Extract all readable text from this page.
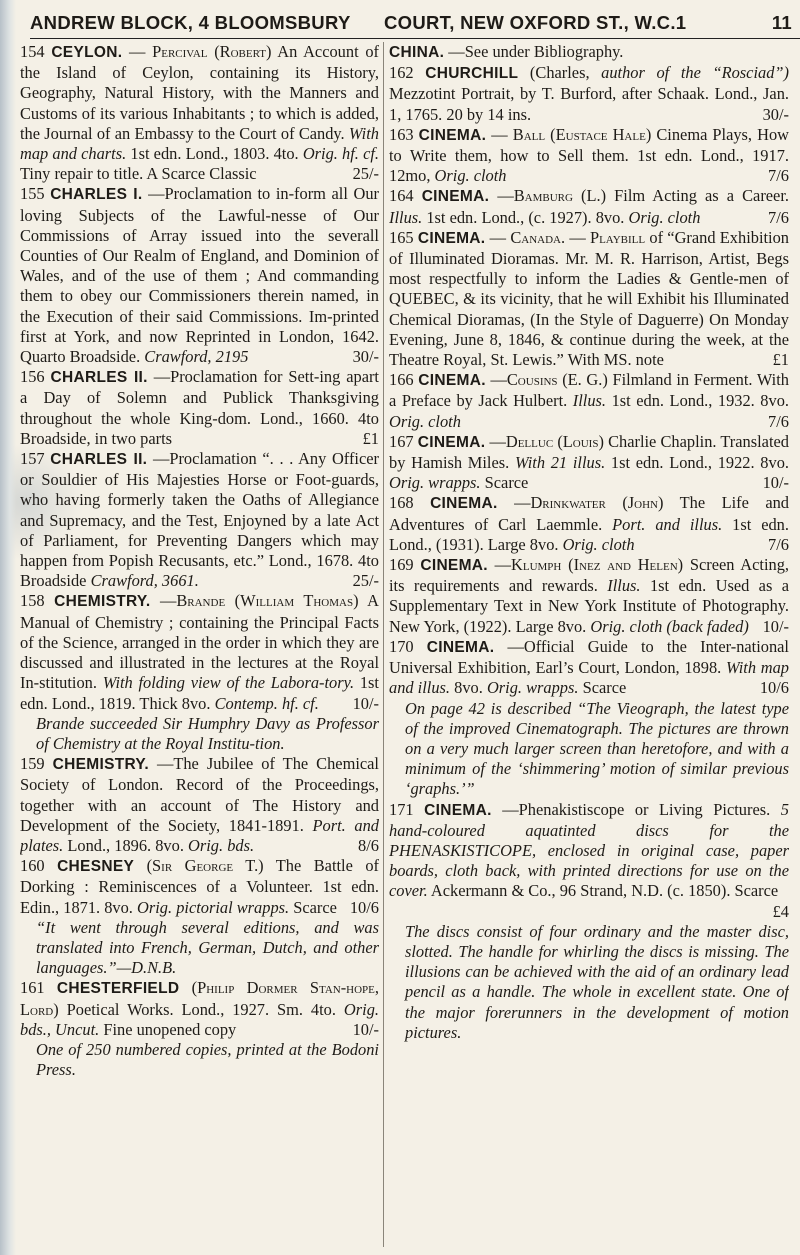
ANDREW BLOCK, 4 BLOOMSBURY COURT, NEW OXFORD ST., W.C.1	11
154 CEYLON. — Percival (Robert) An Account of the Island of Ceylon, containing its History, Geography, Natural History, with the Manners and Customs of its various Inhabitants ; to which is added, the Journal of an Embassy to the Court of Candy. With map and charts. 1st edn. Lond., 1803. 4to. Orig. hf. cf. Tiny repair to title. A Scarce Classic	25/-
155 CHARLES I. —Proclamation to in-form all Our loving Subjects of the Lawful-nesse of Our Commissions of Array issued into the severall Counties of Our Realm of England, and Dominion of Wales, and of the use of them ; And commanding them to obey our Commissioners therein named, in the Execution of their said Commissions. Im-printed first at York, and now Reprinted in London, 1642. Quarto Broadside. Crawford, 2195	30/-
156 CHARLES II. —Proclamation for Sett-ing apart a Day of Solemn and Publick Thanksgiving throughout the whole King-dom. Lond., 1660. 4to Broadside, in two parts	£1
157 CHARLES II. —Proclamation “. . . Any Officer or Souldier of His Majesties Horse or Foot-guards, who having formerly taken the Oaths of Allegiance and Supremacy, and the Test, Enjoyned by a late Act of Parliament, for Preventing Dangers which may happen from Popish Recusants, etc.” Lond., 1678. 4to Broadside Crawford, 3661.	25/-
158 CHEMISTRY. —Brande (William Thomas) A Manual of Chemistry ; containing the Principal Facts of the Science, arranged in the order in which they are discussed and illustrated in the lectures at the Royal In-stitution. With folding view of the Labora-tory. 1st edn. Lond., 1819. Thick 8vo. Contemp. hf. cf. 10/-
Brande succeeded Sir Humphry Davy as Professor of Chemistry at the Royal Institu-tion.
159 CHEMISTRY. —The Jubilee of The Chemical Society of London. Record of the Proceedings, together with an account of The History and Development of the Society, 1841-1891. Port. and plates. Lond., 1896. 8vo. Orig. bds.	8/6
160 CHESNEY (Sir George T.) The Battle of Dorking : Reminiscences of a Volunteer. 1st edn. Edin., 1871. 8vo. Orig. pictorial wrapps. Scarce 10/6
“It went through several editions, and was translated into French, German, Dutch, and other languages.”—D.N.B.
161 CHESTERFIELD (Philip Dormer Stan-hope, Lord) Poetical Works. Lond., 1927. Sm. 4to. Orig. bds., Uncut. Fine unopened copy	10/-
One of 250 numbered copies, printed at the Bodoni Press.
CHINA. —See under Bibliography.
162 CHURCHILL (Charles, author of the “Rosciad”) Mezzotint Portrait, by T. Burford, after Schaak. Lond., Jan. 1, 1765. 20 by 14 ins.	30/-
163 CINEMA. — Ball (Eustace Hale) Cinema Plays, How to Write them, how to Sell them. 1st edn. Lond., 1917. 12mo, Orig. cloth	7/6
164 CINEMA. —Bamburg (L.) Film Acting as a Career. Illus. 1st edn. Lond., (c. 1927). 8vo. Orig. cloth	7/6
165 CINEMA. — Canada. — Playbill of “Grand Exhibition of Illuminated Dioramas. Mr. M. R. Harrison, Artist, Begs most respectfully to inform the Ladies & Gentle-men of QUEBEC, & its vicinity, that he will Exhibit his Illuminated Chemical Dioramas, (In the Style of Daguerre) On Monday Evening, June 8, 1846, & continue during the week, at the Theatre Royal, St. Lewis.” With MS. note	£1
166 CINEMA. —Cousins (E. G.) Filmland in Ferment. With a Preface by Jack Hulbert. Illus. 1st edn. Lond., 1932. 8vo. Orig. cloth	7/6
167 CINEMA. —Delluc (Louis) Charlie Chaplin. Translated by Hamish Miles. With 21 illus. 1st edn. Lond., 1922. 8vo. Orig. wrapps. Scarce	10/-
168 CINEMA. —Drinkwater (John) The Life and Adventures of Carl Laemmle. Port. and illus. 1st edn. Lond., (1931). Large 8vo. Orig. cloth	7/6
169 CINEMA. —Klumph (Inez and Helen) Screen Acting, its requirements and rewards. Illus. 1st edn. Used as a Supplementary Text in New York Institute of Photography. New York, (1922). Large 8vo. Orig. cloth (back faded) 10/-
170 CINEMA. —Official Guide to the Inter-national Universal Exhibition, Earl’s Court, London, 1898. With map and illus. 8vo. Orig. wrapps. Scarce	10/6
On page 42 is described “The Vieograph, the latest type of the improved Cinematograph. The pictures are thrown on a very much larger screen than heretofore, and with a minimum of the ‘shimmering’ motion of similar previous ‘graphs.’”
171 CINEMA. —Phenakistiscope or Living Pictures. 5 hand-coloured aquatinted discs for the PHENASKISTICOPE, enclosed in original case, paper boards, cloth back, with printed directions for use on the cover. Ackermann & Co., 96 Strand, N.D. (c. 1850). Scarce
£4
The discs consist of four ordinary and the master disc, slotted. The handle for whirling the discs is missing. The illusions can be achieved with the aid of an ordinary lead pencil as a handle. The whole in excellent state. One of the major forerunners in the development of motion pictures.
